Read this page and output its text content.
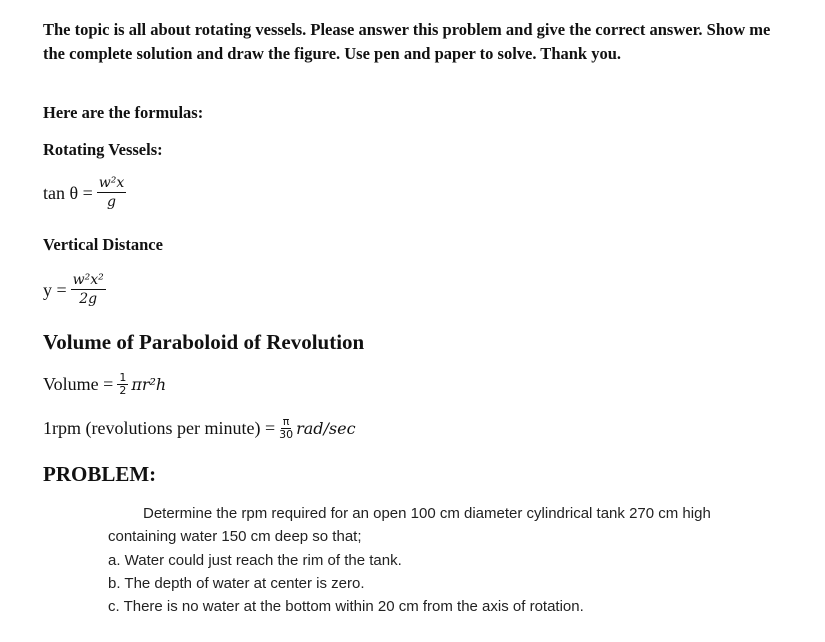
The topic is all about rotating vessels. Please answer this problem and give the correct answer. Show me the complete solution and draw the figure. Use pen and paper to solve. Thank you.
Here are the formulas:
Rotating Vessels:
$\tan \theta = \frac{\text{w²x}}{g}$
Vertical Distance
$y = \frac{\text{w²x²}}{2g}$
Volume of Paraboloid of Revolution
Volume = $\frac{1}{2} \pi r^2h$
1rpm (revolutions per minute) = $\frac{\pi}{30} rad/\sec$
PROBLEM:

Determine the rpm required for an open 100 cm diameter cylindrical tank 270 cm high containing water 150 cm deep so that;

a. Water could just reach the rim of the tank.

b. The depth of water at center is zero.

c. There is no water at the bottom within 20 cm from the axis of rotation.
